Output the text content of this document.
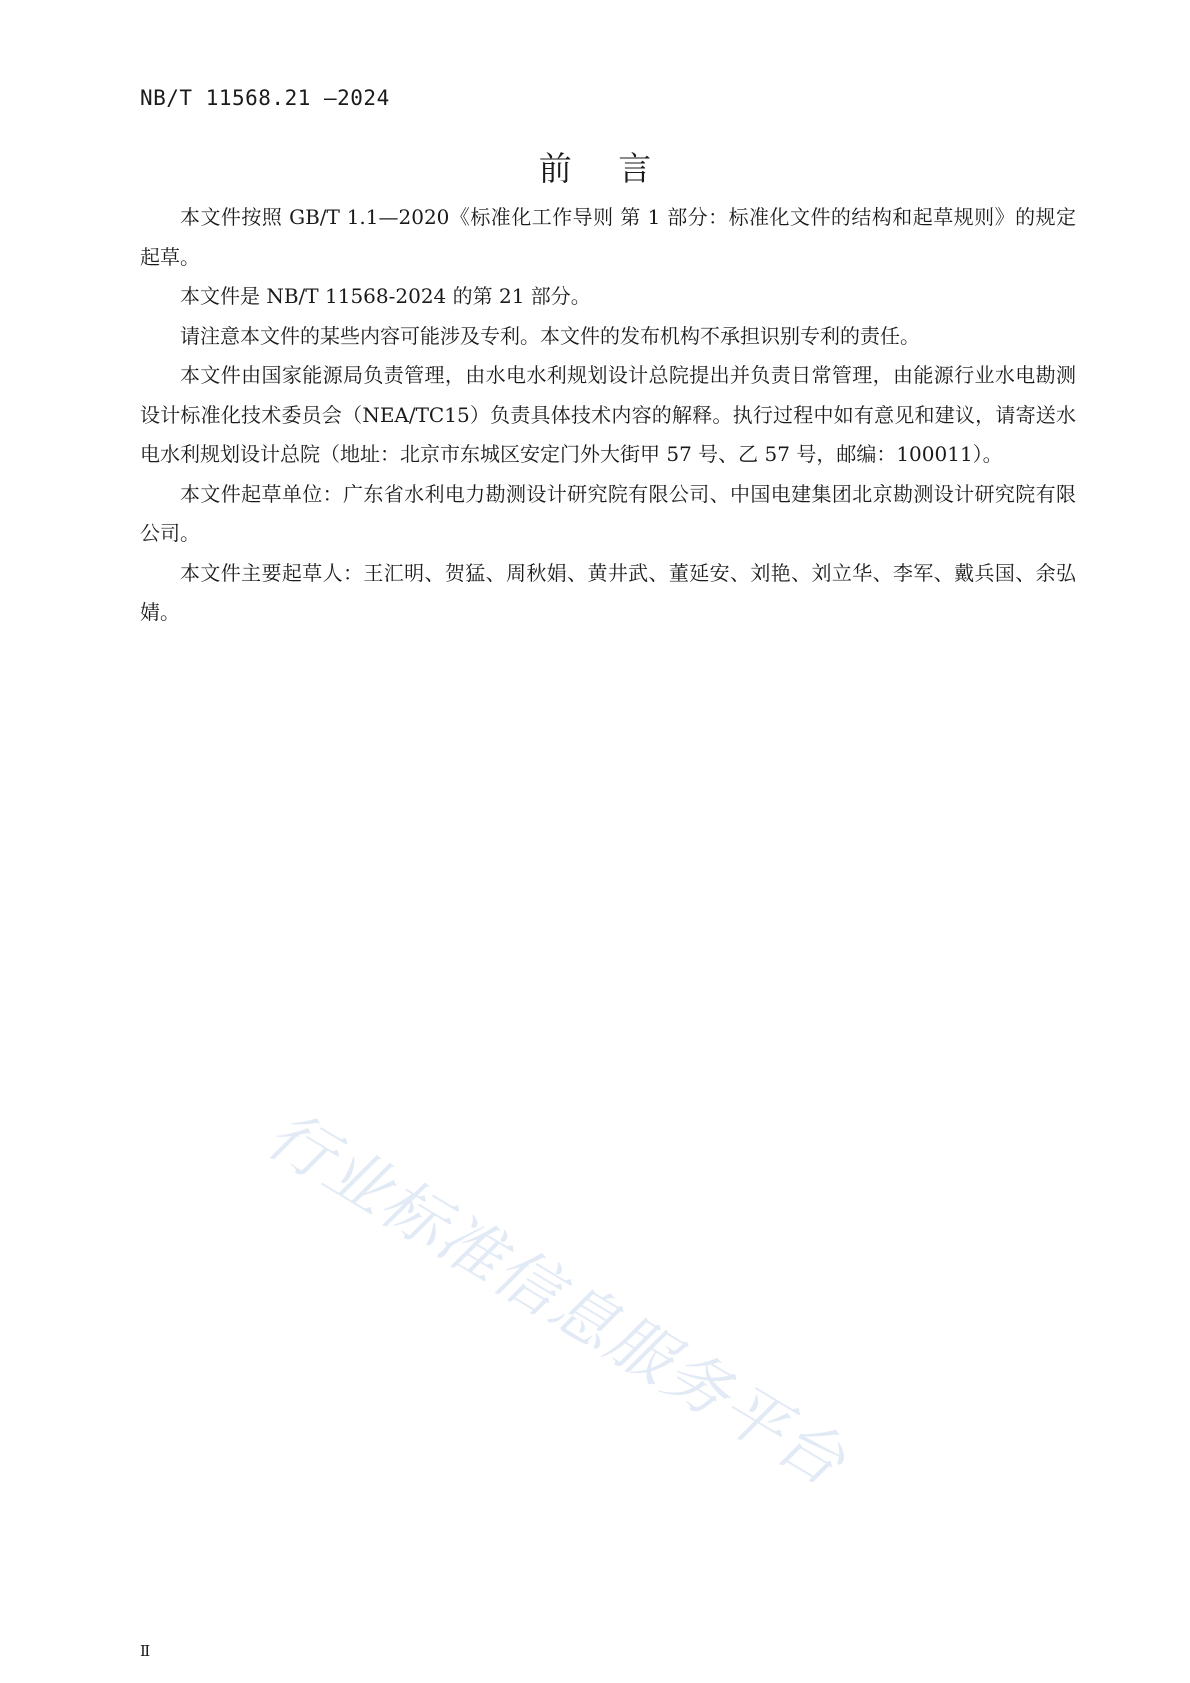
NB/T 11568.21 —2024
前 言

本文件按照 GB/T 1.1—2020《标准化工作导则 第 1 部分：标准化文件的结构和起草规则》的规定起草。

本文件是 NB/T 11568-2024 的第 21 部分。

请注意本文件的某些内容可能涉及专利。本文件的发布机构不承担识别专利的责任。

本文件由国家能源局负责管理，由水电水利规划设计总院提出并负责日常管理，由能源行业水电勘测设计标准化技术委员会（NEA/TC15）负责具体技术内容的解释。执行过程中如有意见和建议，请寄送水电水利规划设计总院（地址：北京市东城区安定门外大街甲 57 号、乙 57 号，邮编：100011）。

本文件起草单位：广东省水利电力勘测设计研究院有限公司、中国电建集团北京勘测设计研究院有限公司。

本文件主要起草人：王汇明、贺猛、周秋娟、黄井武、董延安、刘艳、刘立华、李军、戴兵国、余弘婧。

行业标准信息服务平台
Ⅱ
